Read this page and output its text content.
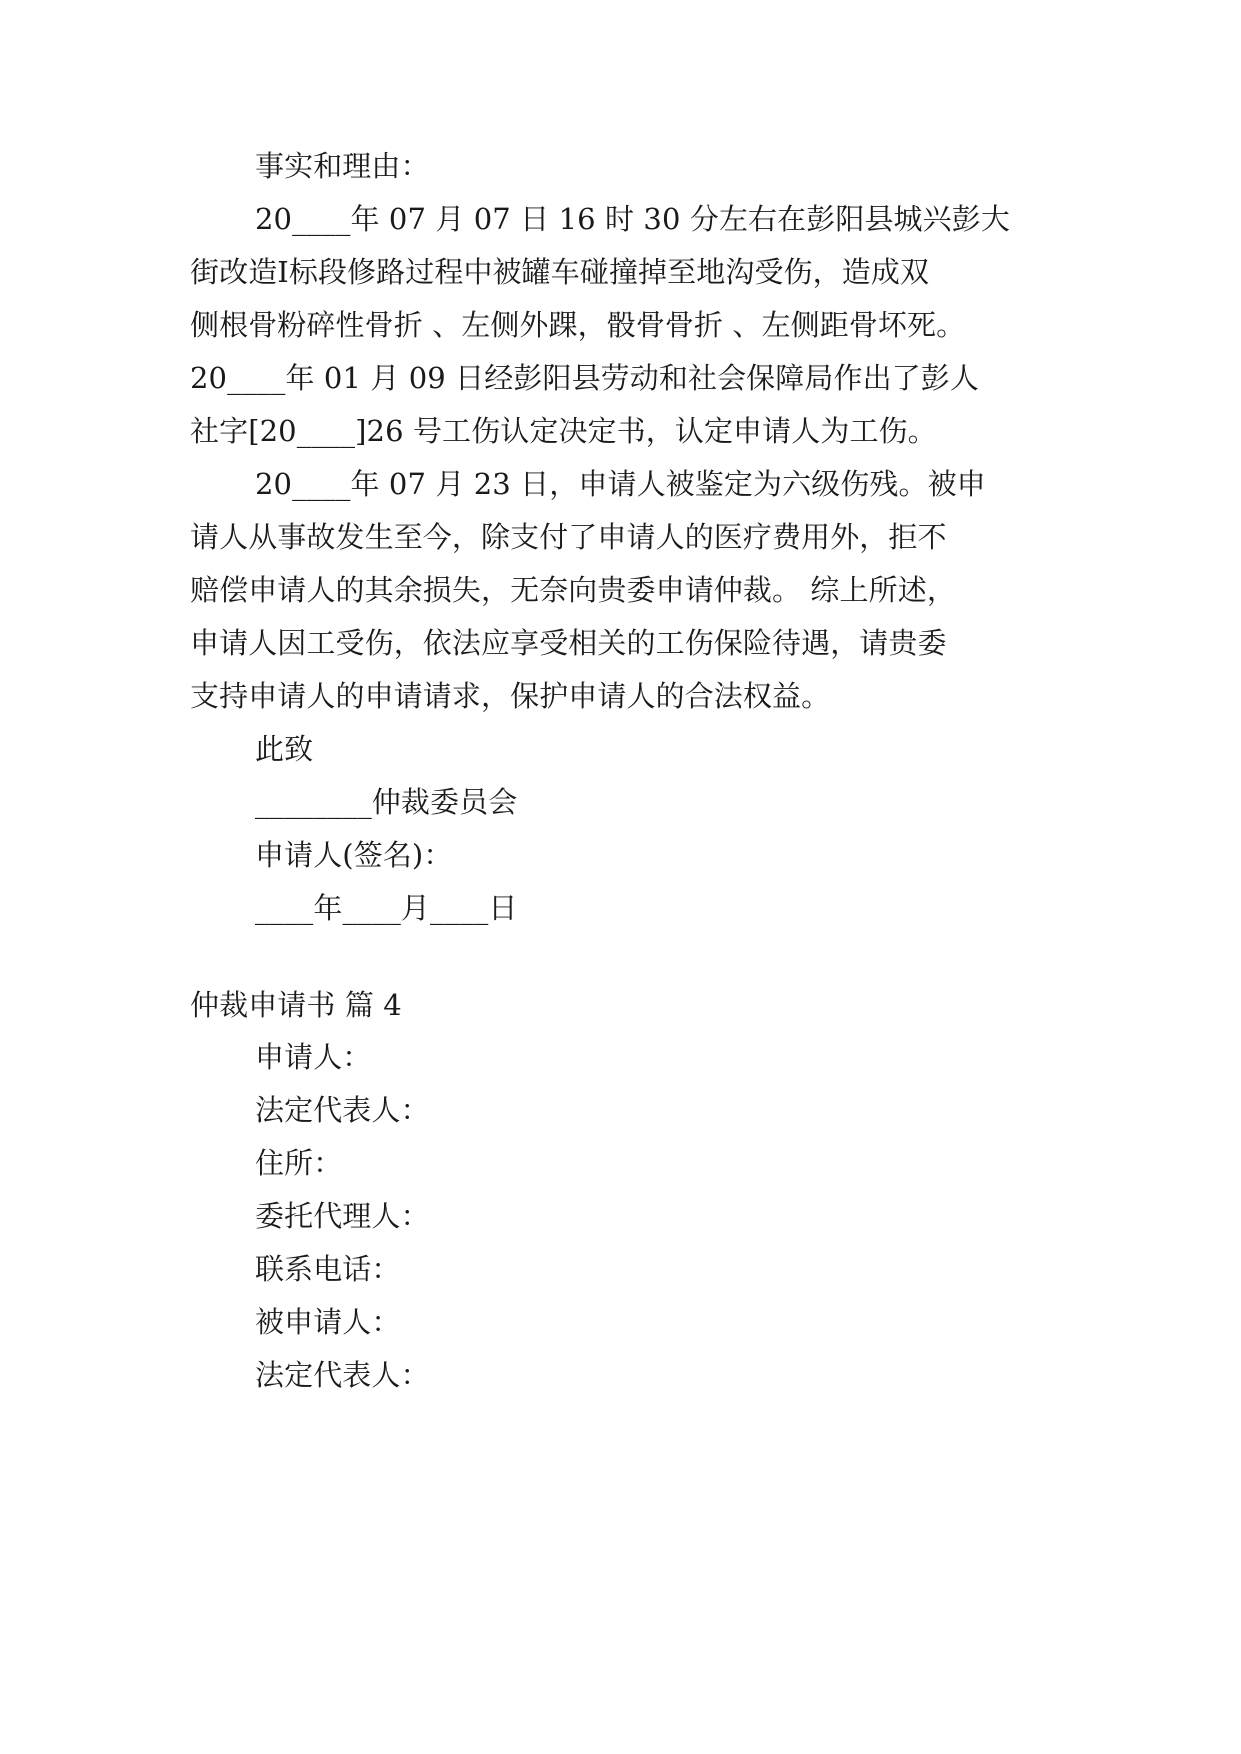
事实和理由：
20____年 07 月 07 日 16 时 30 分左右在彭阳县城兴彭大
街改造Ⅰ标段修路过程中被罐车碰撞掉至地沟受伤，造成双
侧根骨粉碎性骨折 、左侧外踝，骰骨骨折 、左侧距骨坏死。
20____年 01 月 09 日经彭阳县劳动和社会保障局作出了彭人
社字[20____]26 号工伤认定决定书，认定申请人为工伤。
20____年 07 月 23 日，申请人被鉴定为六级伤残。被申
请人从事故发生至今，除支付了申请人的医疗费用外，拒不
赔偿申请人的其余损失，无奈向贵委申请仲裁。 综上所述，
申请人因工受伤，依法应享受相关的工伤保险待遇，请贵委
支持申请人的申请请求，保护申请人的合法权益。
此致
________仲裁委员会
申请人(签名)：
____年____月____日
仲裁申请书 篇 4
申请人：
法定代表人：
住所：
委托代理人：
联系电话：
被申请人：
法定代表人：
